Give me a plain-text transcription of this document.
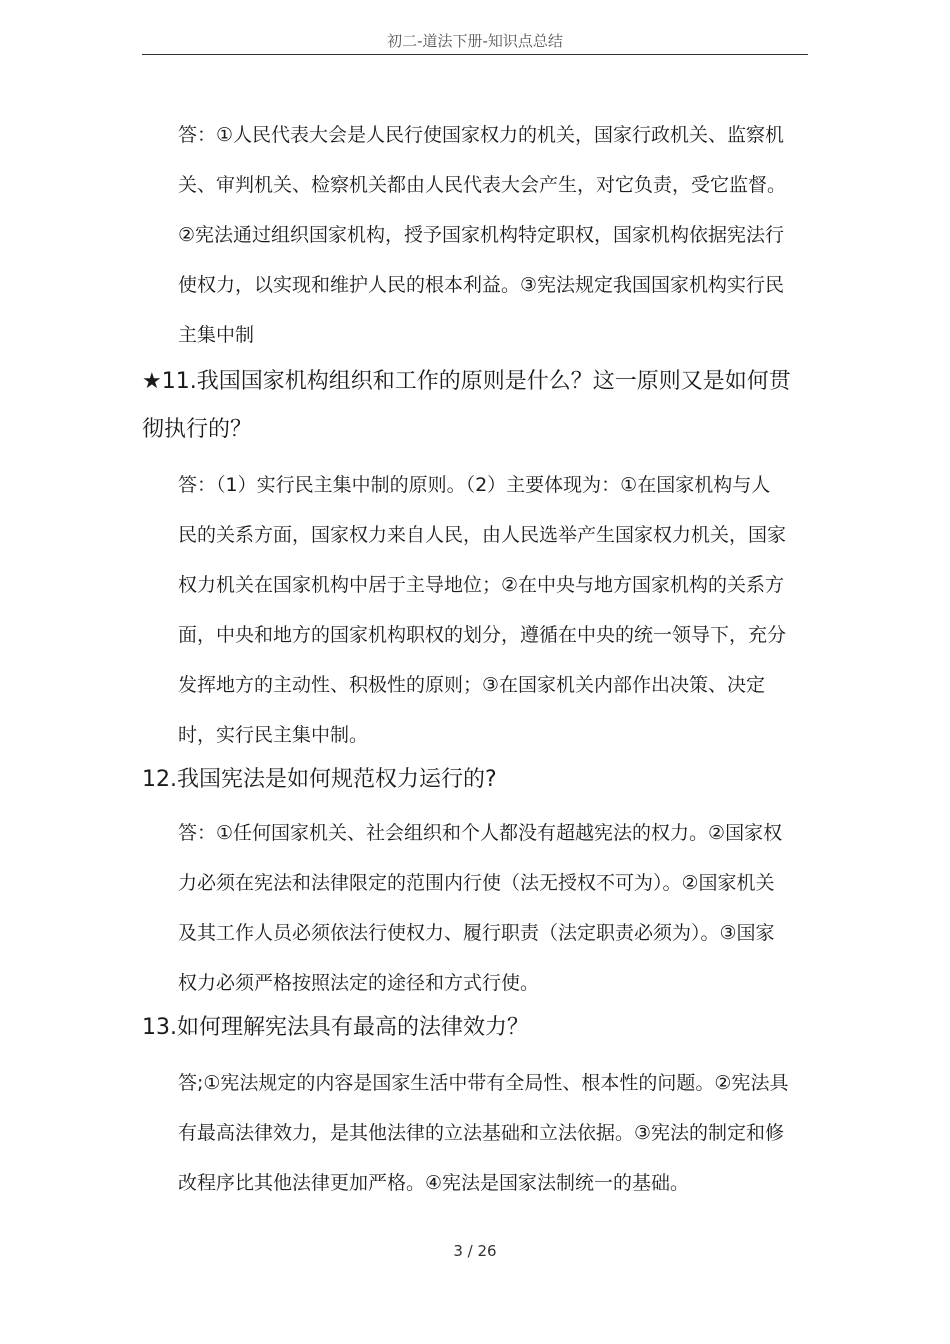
初二-道法下册-知识点总结
答：①人民代表大会是人民行使国家权力的机关，国家行政机关、监察机
关、审判机关、检察机关都由人民代表大会产生，对它负责，受它监督。
②宪法通过组织国家机构，授予国家机构特定职权，国家机构依据宪法行
使权力，以实现和维护人民的根本利益。③宪法规定我国国家机构实行民
主集中制
★11.我国国家机构组织和工作的原则是什么？这一原则又是如何贯
彻执行的？
答：（1）实行民主集中制的原则。（2）主要体现为：①在国家机构与人
民的关系方面，国家权力来自人民，由人民选举产生国家权力机关，国家
权力机关在国家机构中居于主导地位；②在中央与地方国家机构的关系方
面，中央和地方的国家机构职权的划分，遵循在中央的统一领导下，充分
发挥地方的主动性、积极性的原则；③在国家机关内部作出决策、决定
时，实行民主集中制。
12.我国宪法是如何规范权力运行的?
答：①任何国家机关、社会组织和个人都没有超越宪法的权力。②国家权
力必须在宪法和法律限定的范围内行使（法无授权不可为）。②国家机关
及其工作人员必须依法行使权力、履行职责（法定职责必须为）。③国家
权力必须严格按照法定的途径和方式行使。
13.如何理解宪法具有最高的法律效力？
答;①宪法规定的内容是国家生活中带有全局性、根本性的问题。②宪法具
有最高法律效力，是其他法律的立法基础和立法依据。③宪法的制定和修
改程序比其他法律更加严格。④宪法是国家法制统一的基础。
3 / 26
